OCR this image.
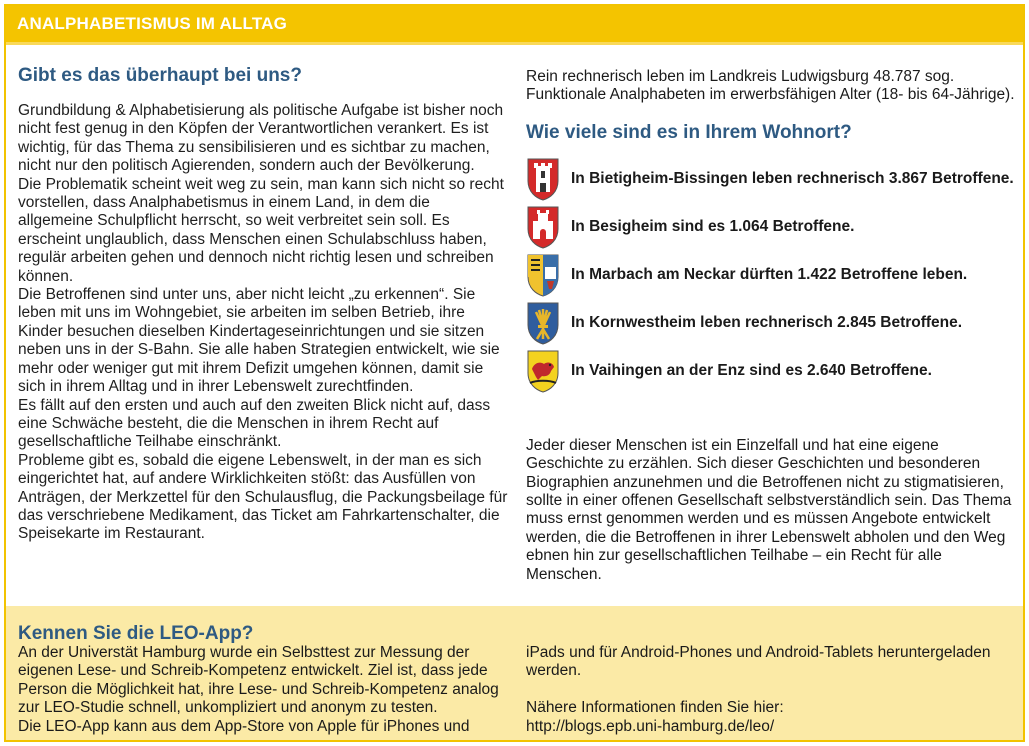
ANALPHABETISMUS IM ALLTAG
Gibt es das überhaupt bei uns?

Grundbildung & Alphabetisierung als politische Aufgabe ist bisher noch nicht fest genug in den Köpfen der Verantwortlichen verankert. Es ist wichtig, für das Thema zu sensibilisieren und es sichtbar zu machen, nicht nur den politisch Agierenden, sondern auch der Bevölkerung.

Die Problematik scheint weit weg zu sein, man kann sich nicht so recht vorstellen, dass Analphabetismus in einem Land, in dem die allgemeine Schulpflicht herrscht, so weit verbreitet sein soll. Es erscheint unglaublich, dass Menschen einen Schulabschluss haben, regulär arbeiten gehen und dennoch nicht richtig lesen und schreiben können.

Die Betroffenen sind unter uns, aber nicht leicht „zu erkennen“. Sie leben mit uns im Wohngebiet, sie arbeiten im selben Betrieb, ihre Kinder besuchen dieselben Kindertageseinrichtungen und sie sitzen neben uns in der S-Bahn. Sie alle haben Strategien entwickelt, wie sie mehr oder weniger gut mit ihrem Defizit umgehen können, damit sie sich in ihrem Alltag und in ihrer Lebenswelt zurechtfinden.

Es fällt auf den ersten und auch auf den zweiten Blick nicht auf, dass eine Schwäche besteht, die die Menschen in ihrem Recht auf gesellschaftliche Teilhabe einschränkt.

Probleme gibt es, sobald die eigene Lebenswelt, in der man es sich eingerichtet hat, auf andere Wirklichkeiten stößt: das Ausfüllen von Anträgen, der Merkzettel für den Schulausflug, die Packungsbeilage für das verschriebene Medikament, das Ticket am Fahrkartenschalter, die Speisekarte im Restaurant.

Rein rechnerisch leben im Landkreis Ludwigsburg 48.787 sog. Funktionale Analphabeten im erwerbsfähigen Alter (18- bis 64-Jährige).

Wie viele sind es in Ihrem Wohnort?
In Bietigheim-Bissingen leben rechnerisch 3.867 Betroffene.
In Besigheim sind es 1.064 Betroffene.
In Marbach am Neckar dürften 1.422 Betroffene leben.
In Kornwestheim leben rechnerisch 2.845 Betroffene.
In Vaihingen an der Enz sind es 2.640 Betroffene.

Jeder dieser Menschen ist ein Einzelfall und hat eine eigene Geschichte zu erzählen. Sich dieser Geschichten und besonderen Biographien anzunehmen und die Betroffenen nicht zu stigmatisieren, sollte in einer offenen Gesellschaft selbstverständlich sein. Das Thema muss ernst genommen werden und es müssen Angebote entwickelt werden, die die Betroffenen in ihrer Lebenswelt abholen und den Weg ebnen hin zur gesellschaftlichen Teilhabe – ein Recht für alle Menschen.

Kennen Sie die LEO-App?
An der Universtät Hamburg wurde ein Selbsttest zur Messung der eigenen Lese- und Schreib-Kompetenz entwickelt. Ziel ist, dass jede Person die Möglichkeit hat, ihre Lese- und Schreib-Kompetenz analog zur LEO-Studie schnell, unkompliziert und anonym zu testen.
Die LEO-App kann aus dem App-Store von Apple für iPhones und
iPads und für Android-Phones und Android-Tablets heruntergeladen werden.
Nähere Informationen finden Sie hier:
http://blogs.epb.uni-hamburg.de/leo/
